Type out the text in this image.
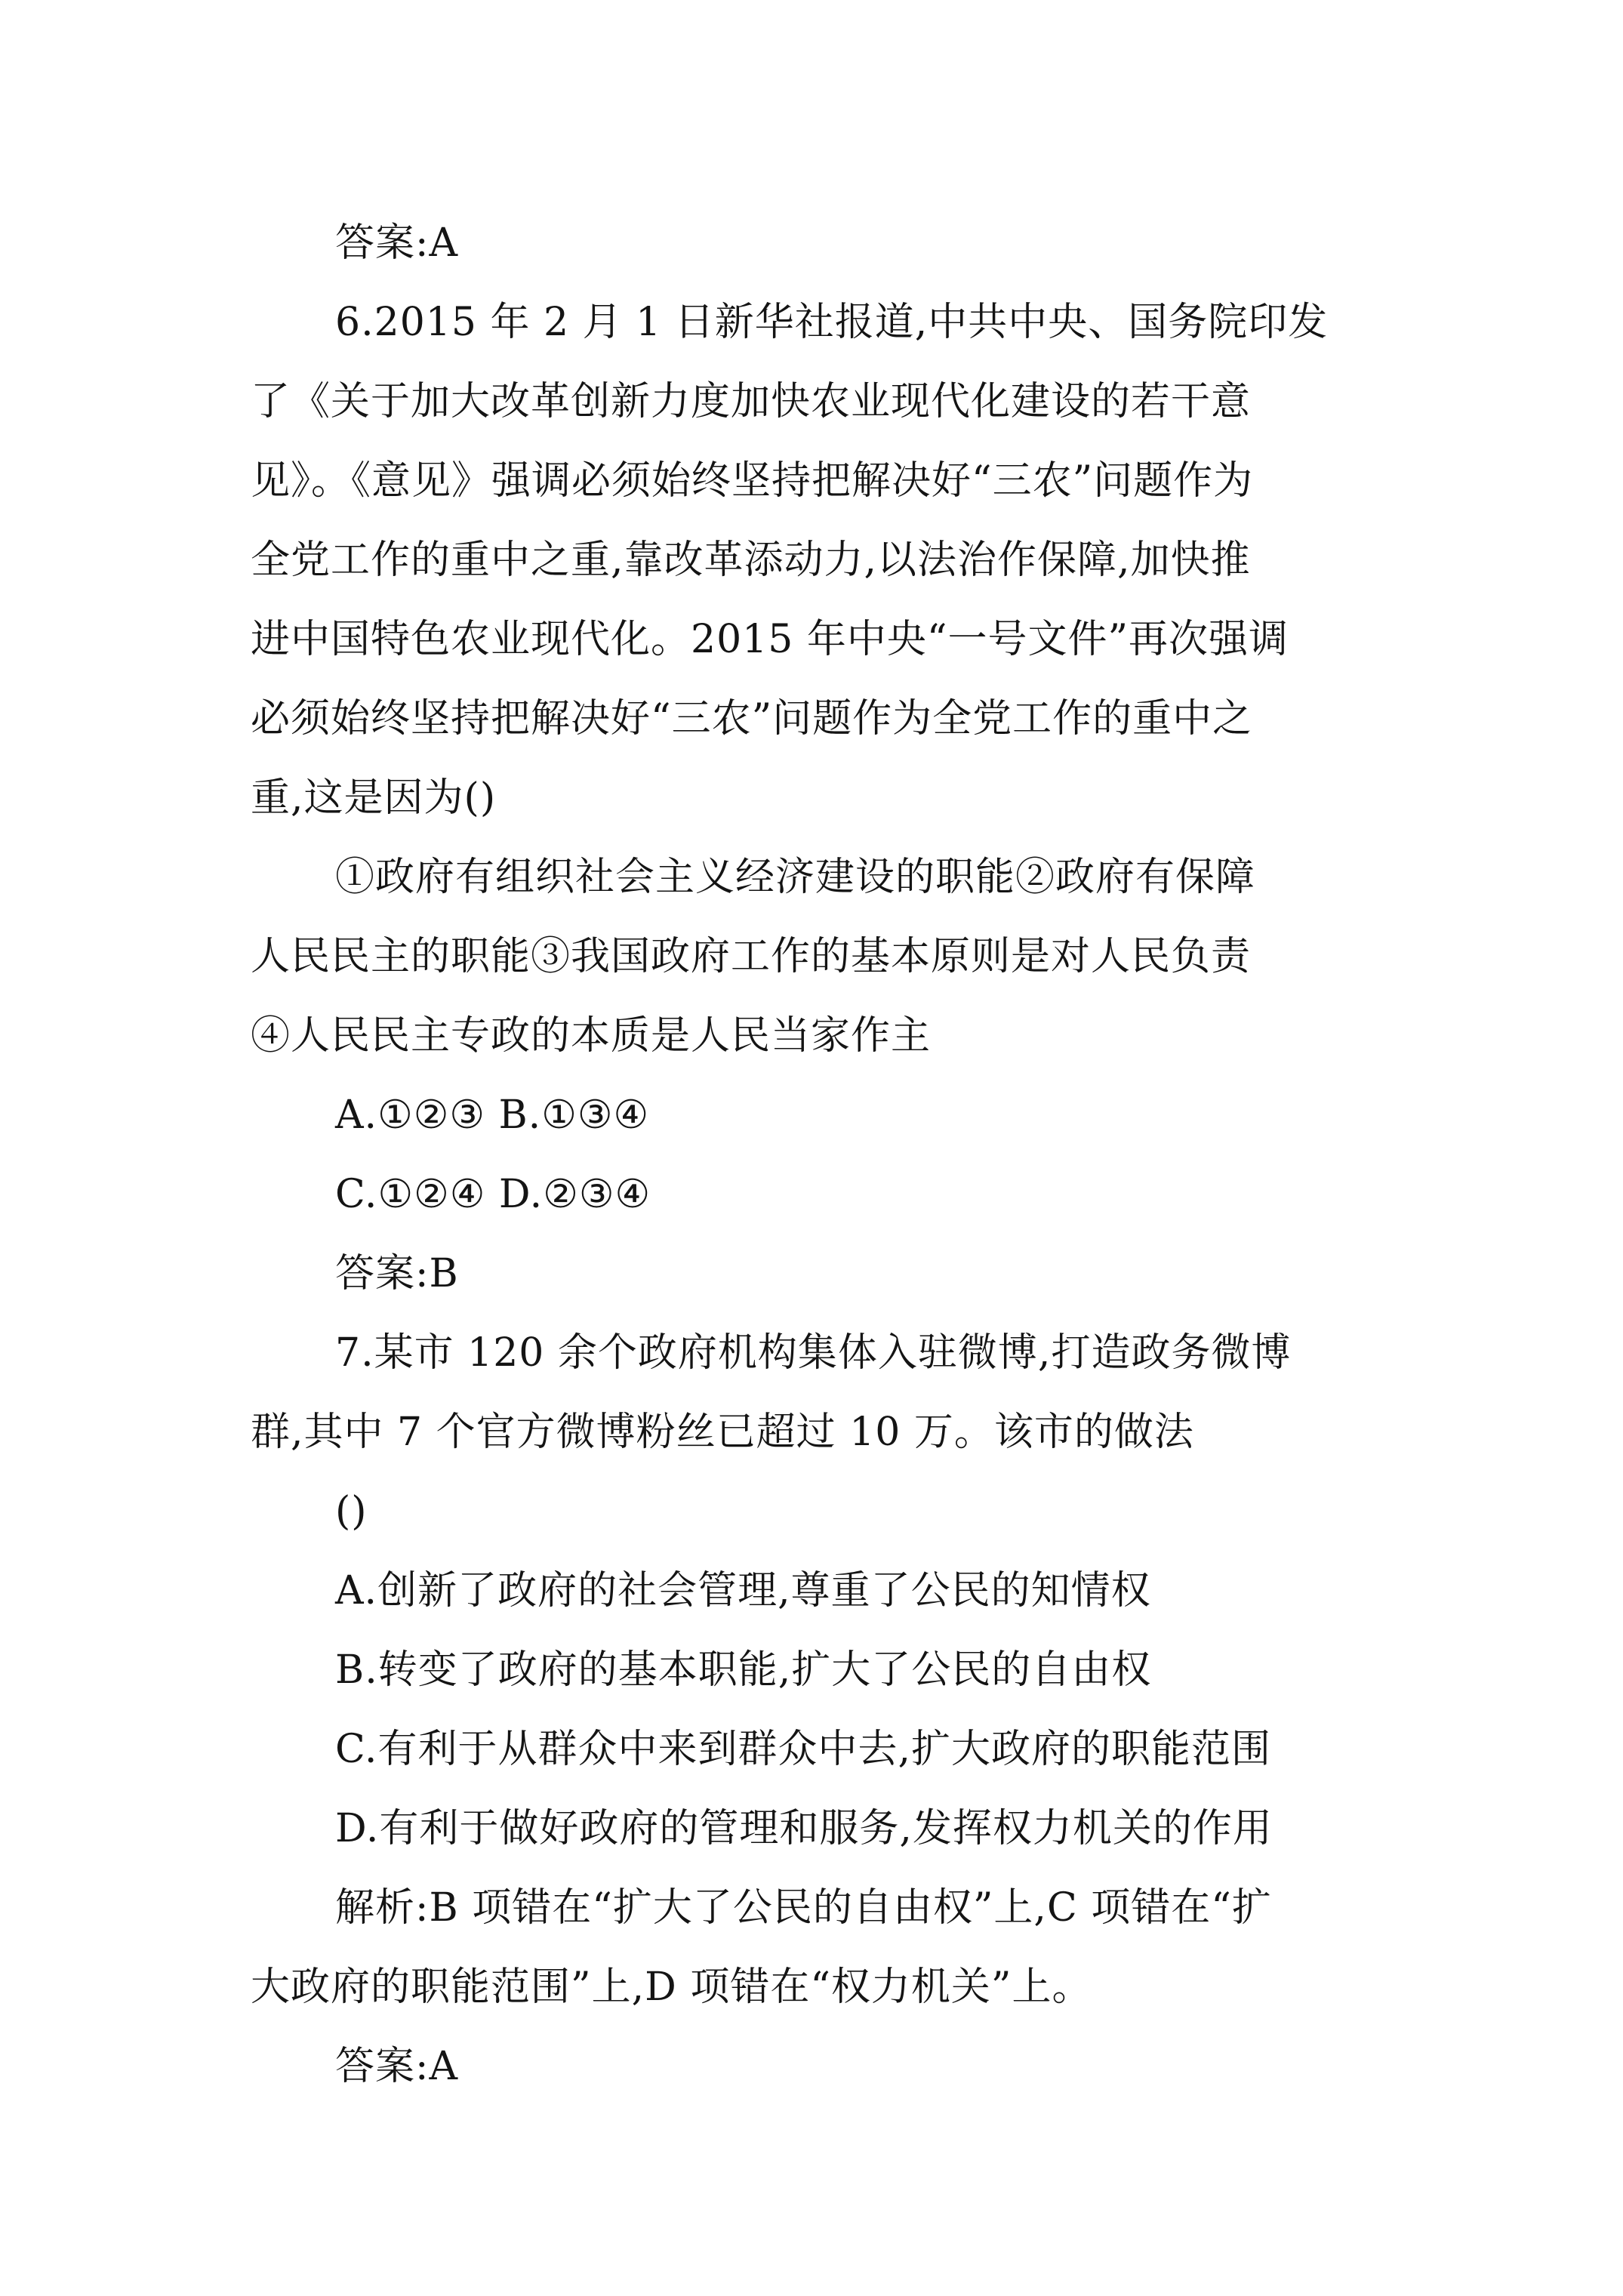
答案:A
6.2015 年 2 月 1 日新华社报道,中共中央、国务院印发
了《关于加大改革创新力度加快农业现代化建设的若干意
见》。《意见》强调必须始终坚持把解决好“三农”问题作为
全党工作的重中之重,靠改革添动力,以法治作保障,加快推
进中国特色农业现代化。2015 年中央“一号文件”再次强调
必须始终坚持把解决好“三农”问题作为全党工作的重中之
重,这是因为()
①政府有组织社会主义经济建设的职能②政府有保障
人民民主的职能③我国政府工作的基本原则是对人民负责
④人民民主专政的本质是人民当家作主
A.①②③ B.①③④
C.①②④ D.②③④
答案:B
7.某市 120 余个政府机构集体入驻微博,打造政务微博
群,其中 7 个官方微博粉丝已超过 10 万。该市的做法
()
A.创新了政府的社会管理,尊重了公民的知情权
B.转变了政府的基本职能,扩大了公民的自由权
C.有利于从群众中来到群众中去,扩大政府的职能范围
D.有利于做好政府的管理和服务,发挥权力机关的作用
解析:B 项错在“扩大了公民的自由权”上,C 项错在“扩
大政府的职能范围”上,D 项错在“权力机关”上。
答案:A
